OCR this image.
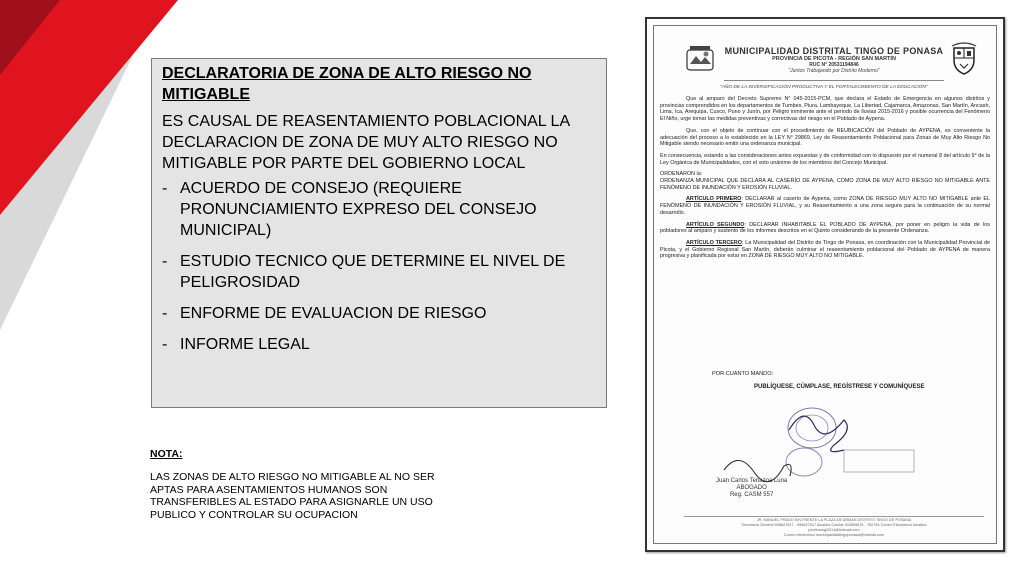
DECLARATORIA DE ZONA DE ALTO RIESGO NO MITIGABLE
ES CAUSAL DE REASENTAMIENTO POBLACIONAL LA DECLARACION DE ZONA DE MUY ALTO RIESGO NO MITIGABLE POR PARTE DEL GOBIERNO LOCAL
- ACUERDO DE CONSEJO (REQUIERE PRONUNCIAMIENTO EXPRESO DEL CONSEJO MUNICIPAL)
- ESTUDIO TECNICO QUE DETERMINE EL NIVEL DE PELIGROSIDAD
- ENFORME DE EVALUACION DE RIESGO
- INFORME LEGAL
NOTA:
LAS ZONAS DE ALTO RIESGO NO MITIGABLE AL NO SER APTAS PARA ASENTAMIENTOS HUMANOS SON TRANSFERIBLES AL ESTADO PARA ASIGNARLE UN USO PUBLICO Y CONTROLAR SU OCUPACION
MUNICIPALIDAD DISTRITAL TINGO DE PONASA
PROVINCIA DE PICOTA - REGIÓN SAN MARTIN
RUC N° 20531194846
"Juntos Trabajando por Distrito Moderno"
"AÑO DE LA DIVERSIFICACIÓN PRODUCTIVA Y EL FORTALECIMIENTO DE LA EDUCACIÓN"

Que al amparo del Decreto Supremo N° 045-2015-PCM, que declara el Estado de Emergencia en algunos distritos y provincias comprendidos en los departamentos de Tumbes, Piura, Lambayeque, La Libertad, Cajamarca, Amazonas, San Martín, Ancash, Lima, Ica, Arequipa, Cusco, Puno y Junín, por Peligro inminente ante el periodo de lluvias 2015-2016 y posible ocurrencia del Fenómeno El Niño, urge tomar las medidas preventivas y correctivas del riesgo en el Poblado de Aypena.

Que, con el objeto de continuar con el procedimiento de REUBICACIÓN del Poblado de AYPENA, es conveniente la adecuación del proceso a lo establecido en la LEY N° 29869, Ley de Reasentamiento Poblacional para Zonas de Muy Alto Riesgo No Mitigable siendo necesario emitir una ordenanza municipal.

En consecuencia, estando a las consideraciones antes expuestas y de conformidad con lo dispuesto por el numeral 8 del artículo 9° de la Ley Orgánica de Municipalidades, con el voto unánime de los miembros del Concejo Municipal.

ORDENARON la:

ORDENANZA MUNICIPAL QUE DECLARA AL CASERÍO DE AYPENA, COMO ZONA DE MUY ALTO RIESGO NO MITIGABLE ANTE FENÓMENO DE INUNDACIÓN Y EROSIÓN FLUVIAL.

ARTÍCULO PRIMERO: DECLARAR al caserío de Aypena, como ZONA DE RIESGO MUY ALTO NO MITIGABLE ante EL FENÓMENO DE INUNDACIÓN Y EROSIÓN FLUVIAL, y su Reasentamiento a una zona segura para la continuación de su normal desarrollo.

ARTÍCULO SEGUNDO: DECLARAR INHABITABLE EL POBLADO DE AYPENA, por poner en peligro la vida de los pobladores al amparo y sustento de los informes descritos en el Quinto considerando de la presente Ordenanza.

ARTÍCULO TERCERO: La Municipalidad del Distrito de Tingo de Ponasa, en coordinación con la Municipalidad Provincial de Picota, y el Gobierno Regional San Martín, deberán culminar el reasentamiento poblacional del Poblado de AYPENA de manera progresiva y planificada por estar en ZONA DE RIESGO MUY ALTO NO MITIGABLE.

POR CUANTO MANDO:
PUBLÍQUESE, CÚMPLASE, REGÍSTRESE Y COMUNÍQUESE
Juan Carlos Tenazoa Luna
ABOGADO
Reg. CASM 557
JR. MANUEL PRADO S/N FRENTE LA PLAZA DE ARMAS DISTRITO TINGO DE PONASA
Secretaría General 998627817 - 998627817 Alcaldía Celular 942855876 - 782784 Correo Electrónico Alcaldía
jmotirosegi2014@hotmail.com
Correo electrónico municipalidadtingoponasa@hotmail.com
